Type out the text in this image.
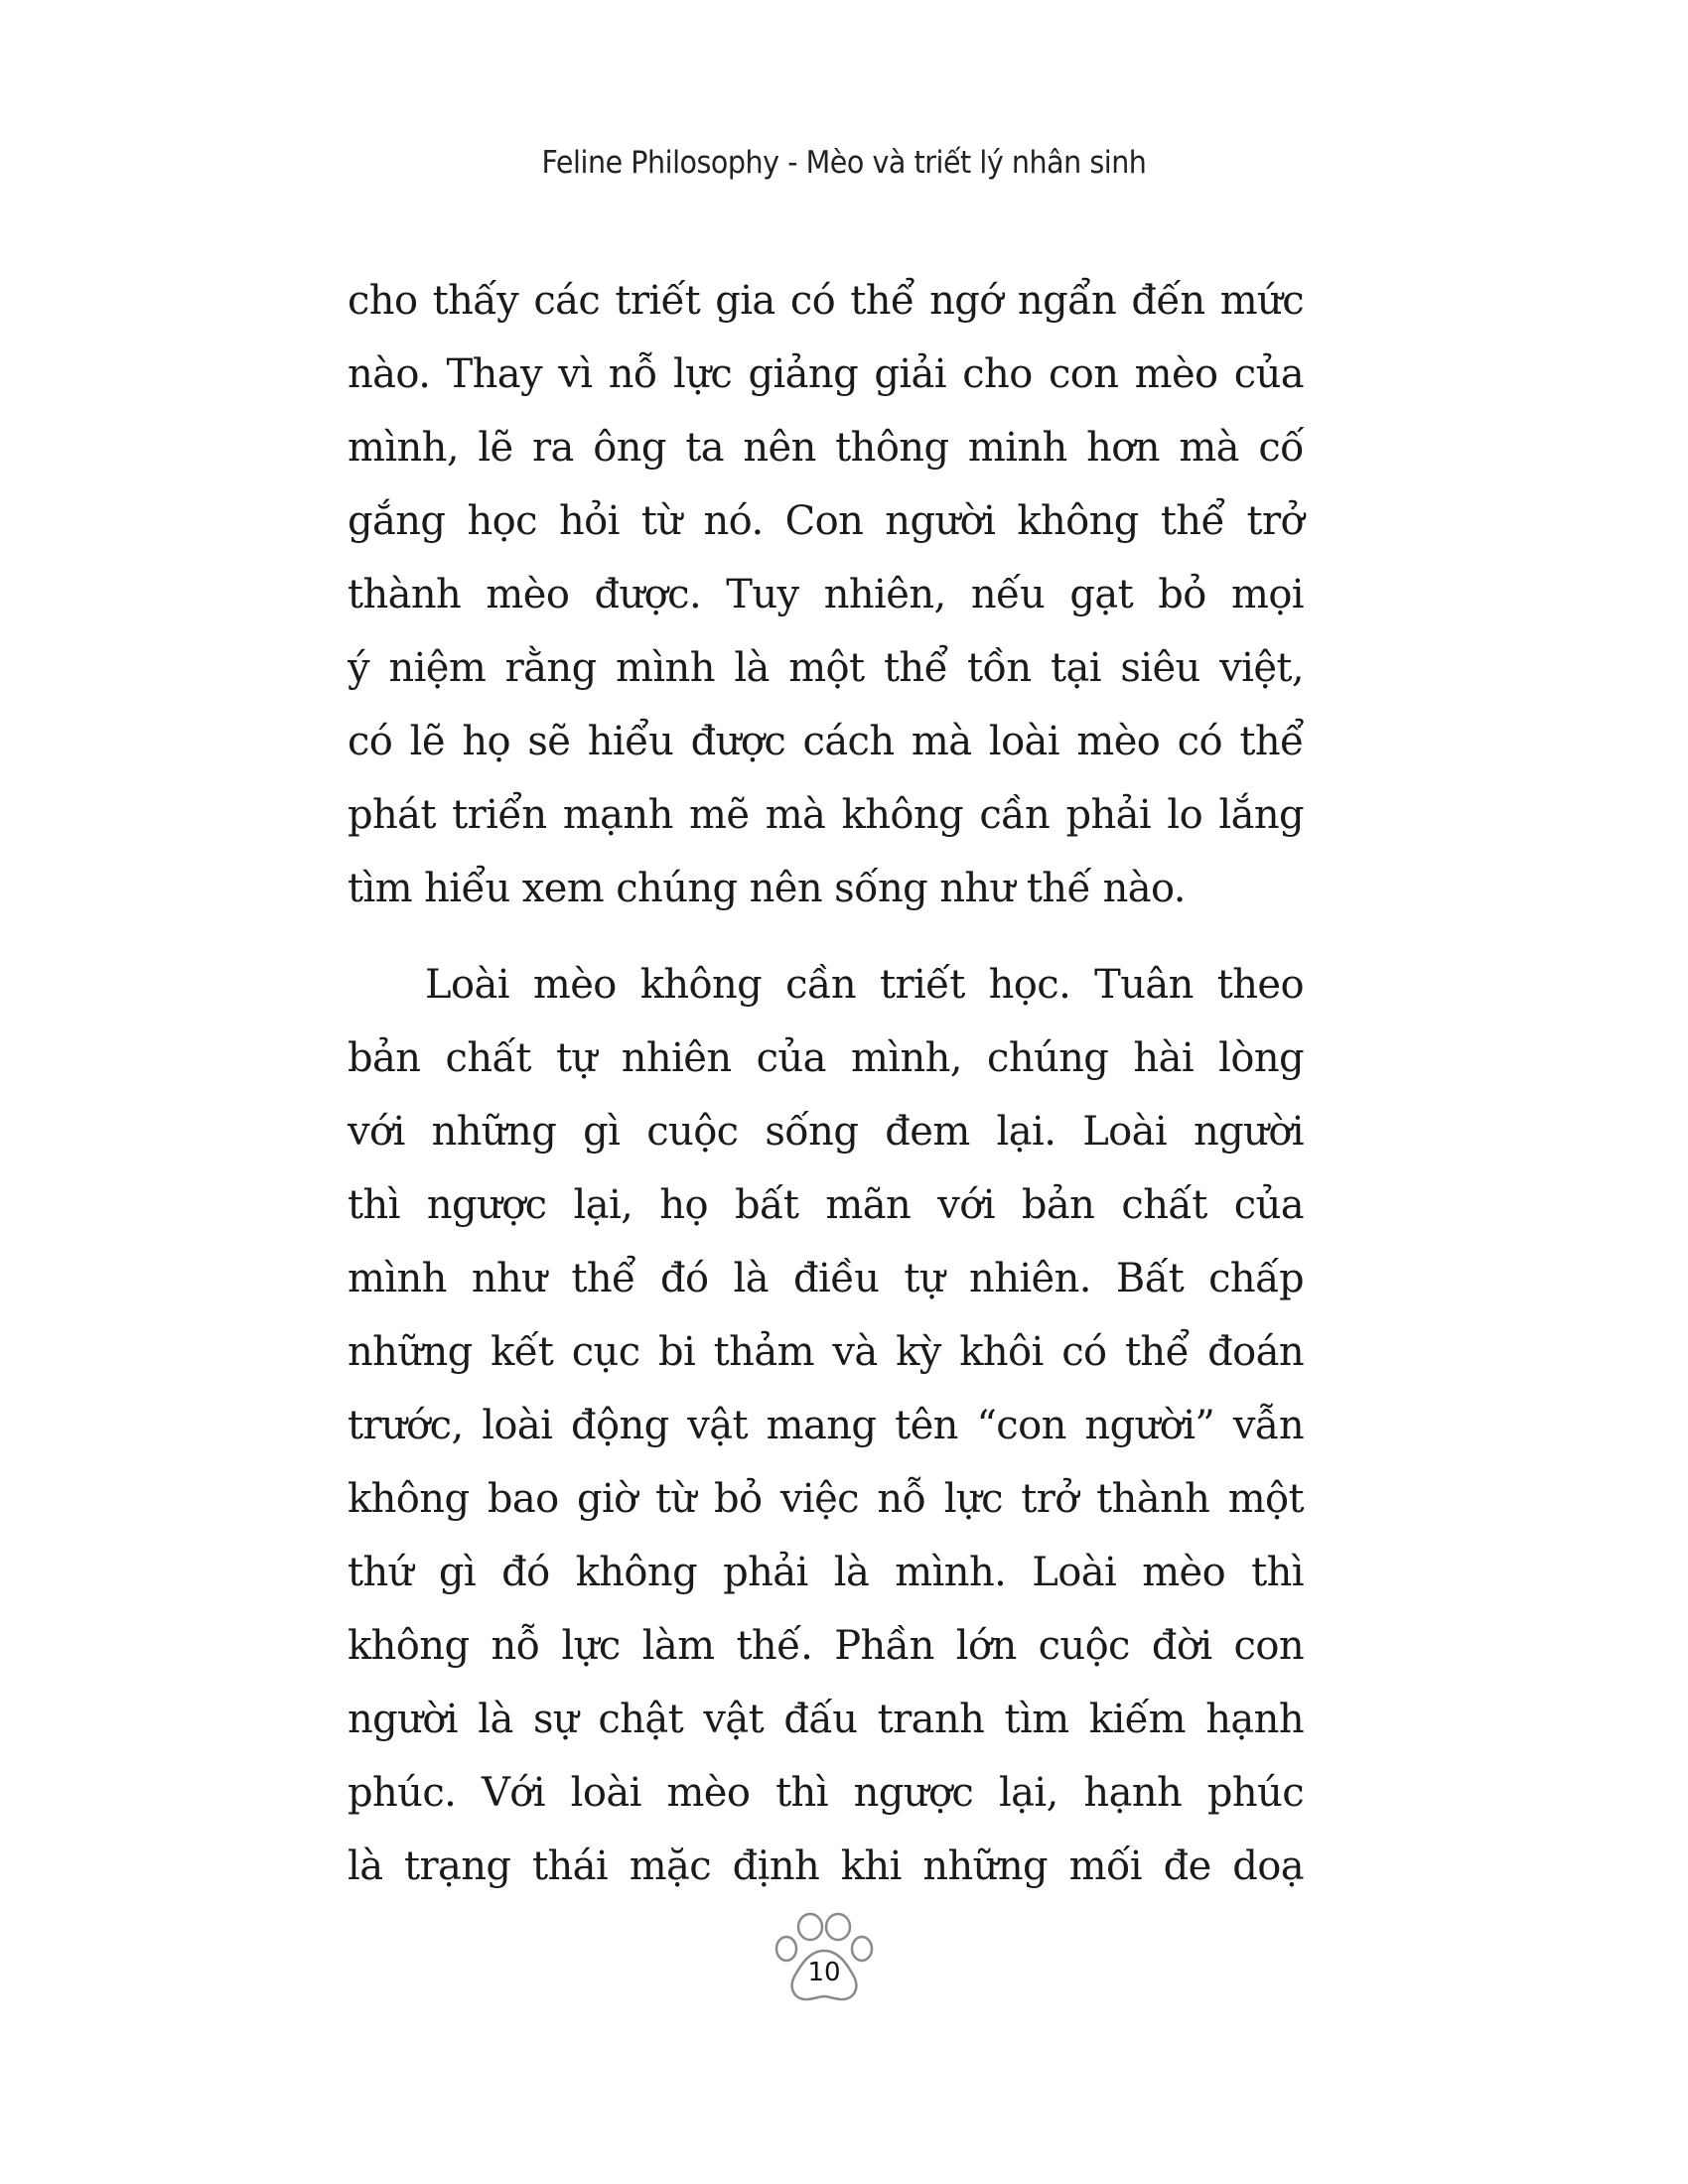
Feline Philosophy - Mèo và triết lý nhân sinh
cho thấy các triết gia có thể ngớ ngẩn đến mức
nào. Thay vì nỗ lực giảng giải cho con mèo của
mình, lẽ ra ông ta nên thông minh hơn mà cố
gắng học hỏi từ nó. Con người không thể trở
thành mèo được. Tuy nhiên, nếu gạt bỏ mọi
ý niệm rằng mình là một thể tồn tại siêu việt,
có lẽ họ sẽ hiểu được cách mà loài mèo có thể
phát triển mạnh mẽ mà không cần phải lo lắng
tìm hiểu xem chúng nên sống như thế nào.
Loài mèo không cần triết học. Tuân theo
bản chất tự nhiên của mình, chúng hài lòng
với những gì cuộc sống đem lại. Loài người
thì ngược lại, họ bất mãn với bản chất của
mình như thể đó là điều tự nhiên. Bất chấp
những kết cục bi thảm và kỳ khôi có thể đoán
trước, loài động vật mang tên “con người” vẫn
không bao giờ từ bỏ việc nỗ lực trở thành một
thứ gì đó không phải là mình. Loài mèo thì
không nỗ lực làm thế. Phần lớn cuộc đời con
người là sự chật vật đấu tranh tìm kiếm hạnh
phúc. Với loài mèo thì ngược lại, hạnh phúc
là trạng thái mặc định khi những mối đe doạ
10
